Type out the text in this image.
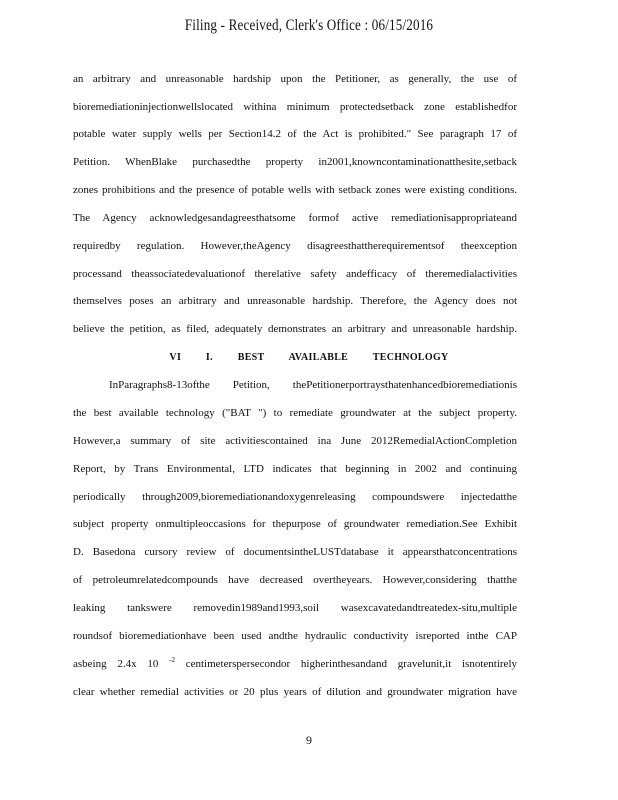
Filing - Received, Clerk's Office : 06/15/2016
an arbitrary and unreasonable hardship upon the Petitioner, as generally, the use of
bioremediationinjectionwellslocated withina minimum protectedsetback zone establishedfor
potable water supply wells per Section14.2 of the Act is prohibited." See paragraph 17 of
Petition. WhenBlake purchasedthe property in2001,knowncontaminationatthesite,setback
zones prohibitions and the presence of potable wells with setback zones were existing conditions.
The Agency acknowledgesandagreesthatsome formof active remediationisappropriateand
requiredby regulation. However,theAgency disagreesthattherequirementsof theexception
processand theassociatedevaluationof therelative safety andefficacy of theremedialactivities
themselves poses an arbitrary and unreasonable hardship. Therefore, the Agency does not
believe the petition, as filed, adequately demonstrates an arbitrary and unreasonable hardship.
VI I. BEST AVAILABLE TECHNOLOGY
InParagraphs8-13ofthe Petition, thePetitionerportraysthatenhancedbioremediationis
the best available technology ("BAT ") to remediate groundwater at the subject property.
However,a summary of site activitiescontained ina June 2012RemedialActionCompletion
Report, by Trans Environmental, LTD indicates that beginning in 2002 and continuing
periodically through2009,bioremediationandoxygenreleasing compoundswere injectedatthe
subject property onmultipleoccasions for thepurpose of groundwater remediation.See Exhibit
D. Basedona cursory review of documentsintheLUSTdatabase it appearsthatconcentrations
of petroleumrelatedcompounds have decreased overtheyears. However,considering thatthe
leaking tankswere removedin1989and1993,soil wasexcavatedandtreatedex-situ,multiple
roundsof bioremediationhave been used andthe hydraulic conductivity isreported inthe CAP
asbeing 2.4x 10 $^{-2}$ centimeterspersecondor higherinthesandand gravelunit,it isnotentirely
clear whether remedial activities or 20 plus years of dilution and groundwater migration have
9
